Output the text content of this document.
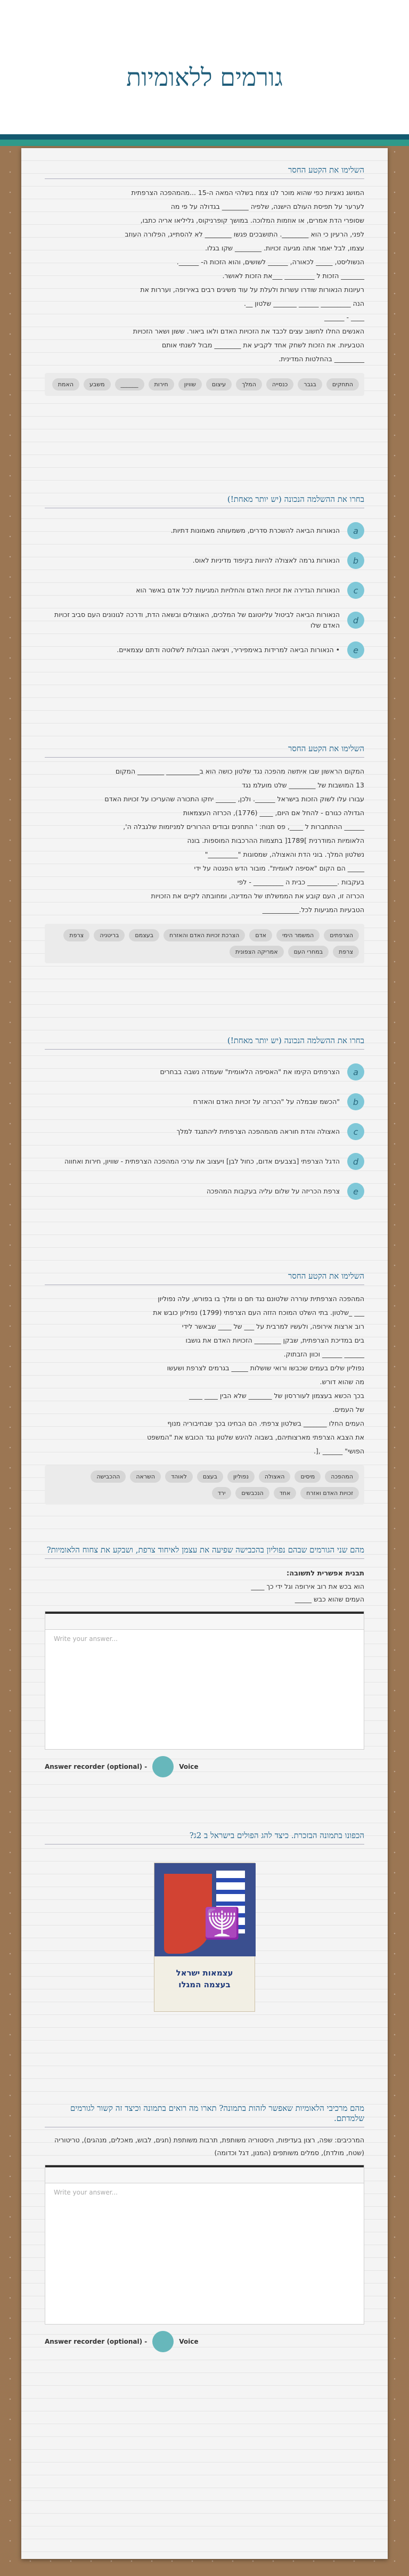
גורמים ללאומיות
השלימו את הקטע החסר

המושג נאציות כפי שהוא מוכר לנו צמח בשלהי המאה ה-15 ...מהמהפכה הצרפתית

לערער על תפיסת העולם הישנה, שלפיה ________ בגדולה על פי מה

שסופרי הדת אמרים, או אוזמות המלוכה. במושך קופרניקוס, גליליאו אריה כתבו,

לפני, הרעיון כי הוא ________. התושבכים פגשו ________ לא להסתייג, הפלורה העוזב

עצמו, לבל יאמר אתה מגיעה זכויות. ________ שקו בגלו.

הנשוליסט, _____ לכאורה, ______ לשושים, והוא הזכות ה- ______.

_______ הזכות ל _________ ___את הזכות לאושר.

רעיונות הנאורות שודרו עשרות ולעלת על עוד משיגים רבים באירופה, ועררות את

הנה _________ ______ _______ שלטון __.

____ - ______

האנשים החלו לחשוב עצים לכבד את הזכויות האדם ולאו ביאור. ששון ושאר הזכויות

הטבעיות. את הזכות לשחק אחד לקביע את ________ מבול לשנתי אותם

_________ בהחלטות המדינית.

התחקים
בגבר
כנסייה
המלך
עיצום
שוויון
חירות
______
משבע
האמת
בחרו את ההשלמה הנכונה (יש יותר מאחת!)
a
הנאורות הביאה להשכרת סדרים, משמעותה מאמונות דתיות.
b
הנאורות גרמה לאצולה להיוות בקיפוד מדיניות לאוס.
c
הנאורות הגדירה את זכויות האדם והחלויות המגיעות לכל אדם באשר הוא
d
הנאורות הביאה לביטול עליוטוגם של המלכים, האוצולים ובשאה הדת, ודרכה לגונונים העם סביב זכויות האדם שלו
e
• הנאורות הביאה למרידות באימפיריר, ויציאה הגבולות לשלוטה ודתם עצמאיים.
השלימו את הקטע החסר

המקום הראשון שבו איתשה מהפכה נגד שלטון כושה הוא ב__________ ________ המקום

13 המושבות של ________ שלט מועלמ נגד

עבורו עלו לשוק הזכות בישראל ______. ולכן, ______ יחקו התכורה שהעריכו על זכויות האדם

הגדולה כגורם - להחל אם היום, ____ (1776), הכרזה העצמאות

______ ההתחברות ל ____, פס תנוח: ' התחנים ובודים ההרורים למניזמות שלגבלה ה',

הלאומיות המודרנית ]1789[ בתצמות ההרכבות המוספות. בונה

נשלטון המלך. בוני הדת והאצולה, שמסוגות "_________"

_____ הם הקום "אסיפה לאומית". מובור הדש הפגטה על ידי

בעקבות ._________ כבית ה _________ - לפי

הכרזה זו, העם קובע את הממשלתו של המדינה, ומחובתה לקיים את הזכויות

הטבעיות המגיעות לכל.___________

הצרפתים
המשמר הימי
אדם
הצרכת זכויות האדם והאזרח
בעצמם
בריטניה
צרפת
צרפת
במחרי העם
אמריקה הצפונית
בחרו את ההשלמה הנכונה (יש יותר מאחת!)
a
הצרפתים הקימו את "האסיפה הלאומית" שעמדה נשבה בבחרים
b
"הכשמ שבמלה על "הכרזה על זכויות האדם והאזרח
c
האצולה והדת חוראה מהמהפכה הצרפתית ליהתנגד למלך
d
הדגל הצרפתי [בצבעים אדום, כחול לבן] ויעצוב את ערכי המהפכה הצרפתית - שוויון, חירות ואחווה
e
צרפת הכריזה על שלום עליה בעקבות המהפכה
השלימו את הקטע החסר

המהפכה הצרפתית עוררה שלטונם נגד חם נו ומלך בו בפורש, עלה נפוליון

___ _שלטון. בתי השלט המוכח הזזה העם הצרפתי (1799) נפוליון כובש את

רוב ארצות אירופה, ולעשיו למרבית על ___ של ____ שבאשר לידי

בים במדיכת הצרפתית, שבקן ________ הזכויות האדם את גושבו

______ ______ וכוון הזבתוק.

נפוליון שלים בעמים שכבשו ורואי שושלות _____ בגרמים לצרפת ושעשו

מה שהוא דורש.

בכך הכשא בעצמון לעוררסון של _______ שלא הבין ____ ____

של העמים.

העמים החלו _______ בשלטון צרפתי. הם הבחינו בכך שבחיבוריה מנוף

את הצבא הצרפתי מארצותיהם, בשבוה להיגש שלטון נגד הכובש את "המשפט

הפושי" ______ ,[.

המהפכה
מיסים
האצולה
נפוליון
בעצם
לאוהד
השראה
ההכבישה
זכויות האדם ואזרח
אחד
הנכבשים
ירד
מהם שני הגורמים שבהם נפוליון בהכבישה שפיעה את עצמן לאיחוד צרפת, ושבקע את צחוח הלאומיות?
תבנית אפשרית לתשובה:
הוא בכש את רוב אירופה וגל ידי כך ____
העמים שהוא כבש _____
Write your answer...
Answer recorder (optional) -	Voice
הכפונו בתמונה הבזכרת. כיצד להג הפולים בישראל ב 2ג?
🕎
עצמאות ישראל
בעצמה המגלו
מהם מרכיבי הלאומיות שאפשר לזהות בתמונה? תארו מה רואים בתמונה וכיצד זה קשור לגורמים שלמדתם.
המרכיבים: שפה, רצון בעדיפות, היסטוריה משותפת, תרבות משותפת (חגים, לבוש, מאכלים, מנהגים), טריטוריה (שטח, מולדת), סמלים משותפים (המנון, דגל וכדומה)
Write your answer...
Answer recorder (optional) -	Voice
